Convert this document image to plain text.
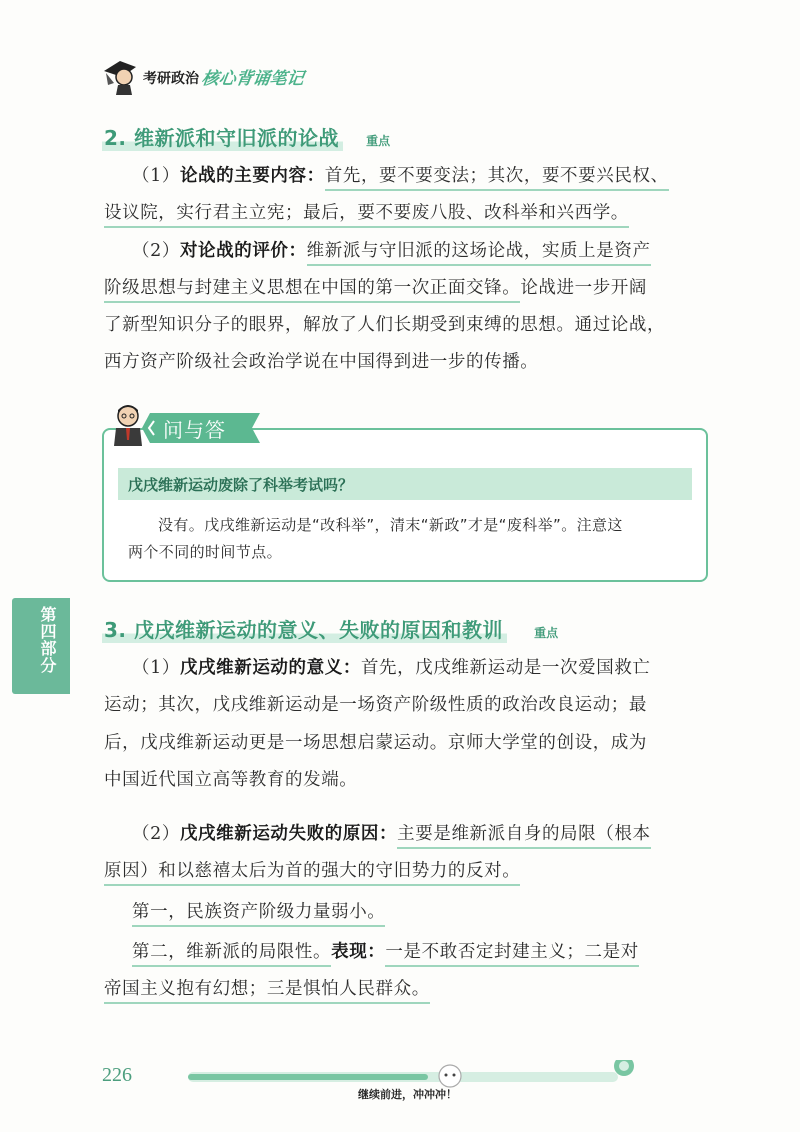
考研政治 核心背诵笔记
2. 维新派和守旧派的论战 重点
（1）论战的主要内容：首先，要不要变法；其次，要不要兴民权、
设议院，实行君主立宪；最后，要不要废八股、改科举和兴西学。
（2）对论战的评价：维新派与守旧派的这场论战，实质上是资产
阶级思想与封建主义思想在中国的第一次正面交锋。论战进一步开阔
了新型知识分子的眼界，解放了人们长期受到束缚的思想。通过论战，
西方资产阶级社会政治学说在中国得到进一步的传播。
问与答
戊戌维新运动废除了科举考试吗？
没有。戊戌维新运动是“改科举”，清末“新政”才是“废科举”。注意这
两个不同的时间节点。
第四部分 3. 戊戌维新运动的意义、失败的原因和教训	重点
（1）戊戌维新运动的意义：首先，戊戌维新运动是一次爱国救亡
运动；其次，戊戌维新运动是一场资产阶级性质的政治改良运动；最
后，戊戌维新运动更是一场思想启蒙运动。京师大学堂的创设，成为
中国近代国立高等教育的发端。
（2）戊戌维新运动失败的原因：主要是维新派自身的局限（根本
原因）和以慈禧太后为首的强大的守旧势力的反对。
第一，民族资产阶级力量弱小。
第二，维新派的局限性。表现：一是不敢否定封建主义；二是对
帝国主义抱有幻想；三是惧怕人民群众。
226
继续前进，冲冲冲！
